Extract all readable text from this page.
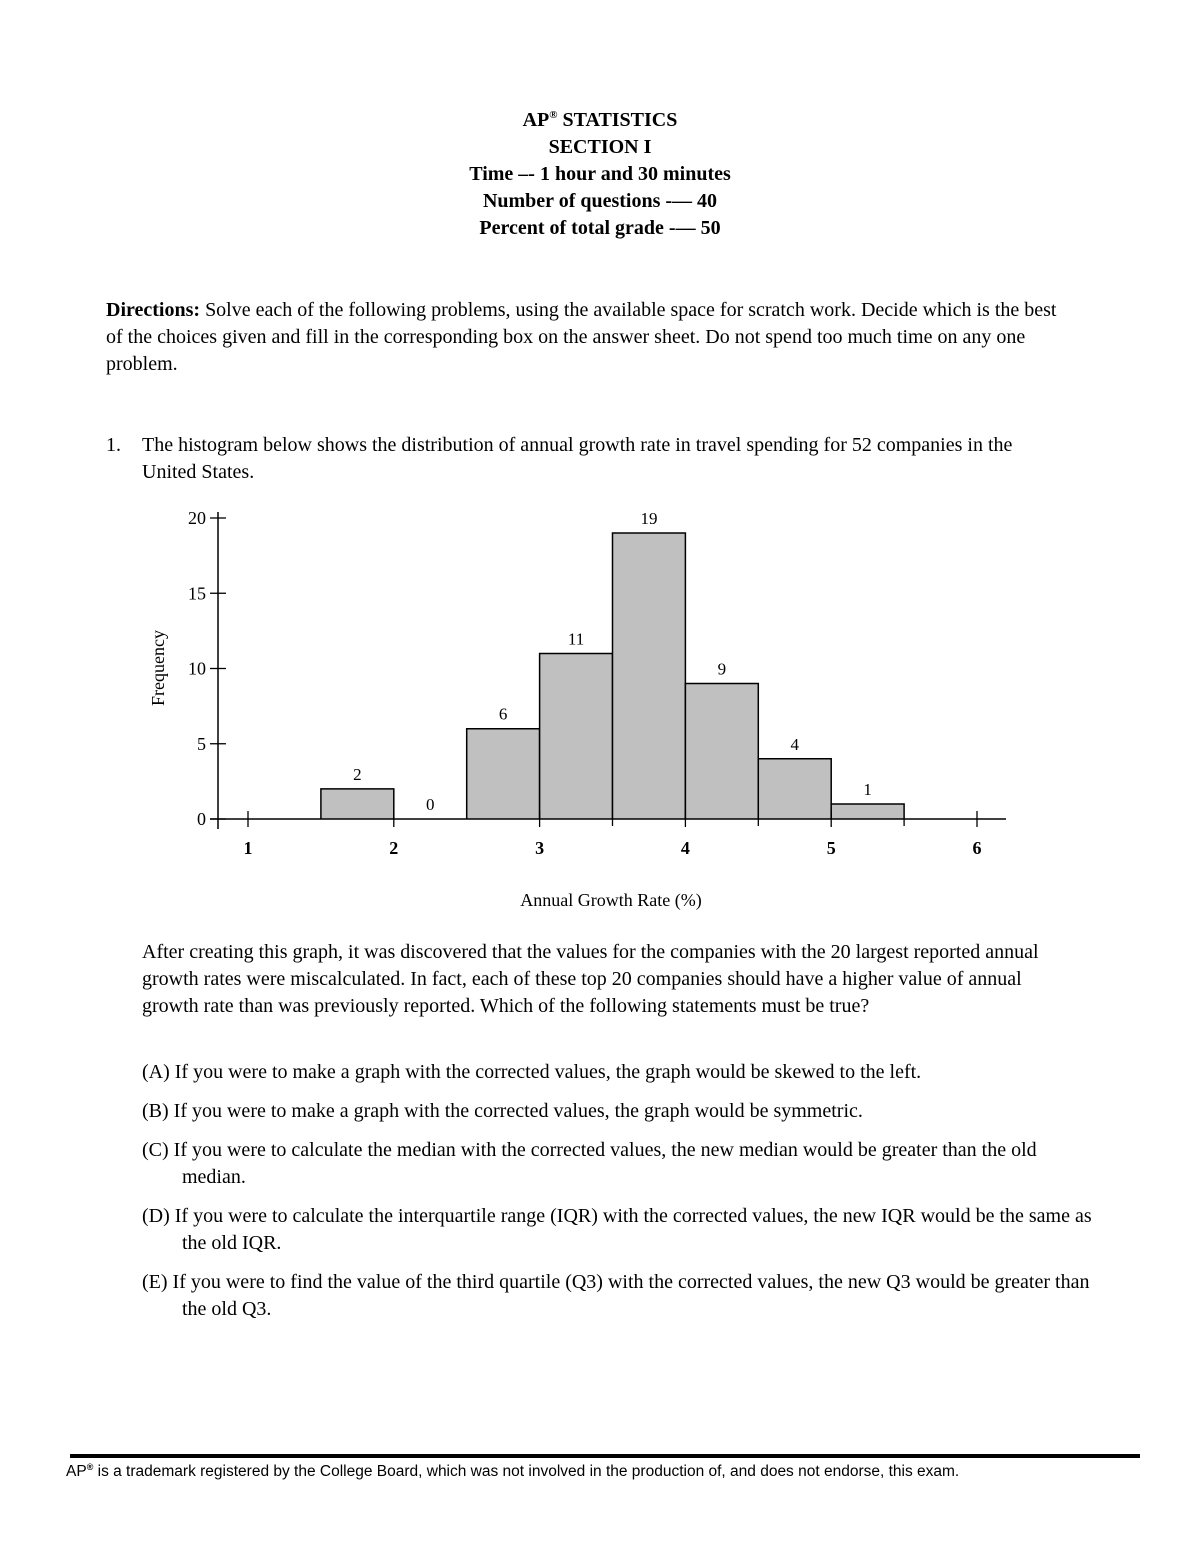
AP® STATISTICS
SECTION I
Time –- 1 hour and 30 minutes
Number of questions -— 40
Percent of total grade -— 50
Directions: Solve each of the following problems, using the available space for scratch work. Decide which is the best of the choices given and fill in the corresponding box on the answer sheet. Do not spend too much time on any one problem.
1. The histogram below shows the distribution of annual growth rate in travel spending for 52 companies in the United States.
2
0
6
11
19
9
4
1
0
5
10
15
20
1	2	3	4	5	6
Annual Growth Rate (%)
Frequency
After creating this graph, it was discovered that the values for the companies with the 20 largest reported annual growth rates were miscalculated. In fact, each of these top 20 companies should have a higher value of annual growth rate than was previously reported. Which of the following statements must be true?
(A) If you were to make a graph with the corrected values, the graph would be skewed to the left.
(B) If you were to make a graph with the corrected values, the graph would be symmetric.
(C) If you were to calculate the median with the corrected values, the new median would be greater than the old median.
(D) If you were to calculate the interquartile range (IQR) with the corrected values, the new IQR would be the same as the old IQR.
(E) If you were to find the value of the third quartile (Q3) with the corrected values, the new Q3 would be greater than the old Q3.
AP® is a trademark registered by the College Board, which was not involved in the production of, and does not endorse, this exam.
